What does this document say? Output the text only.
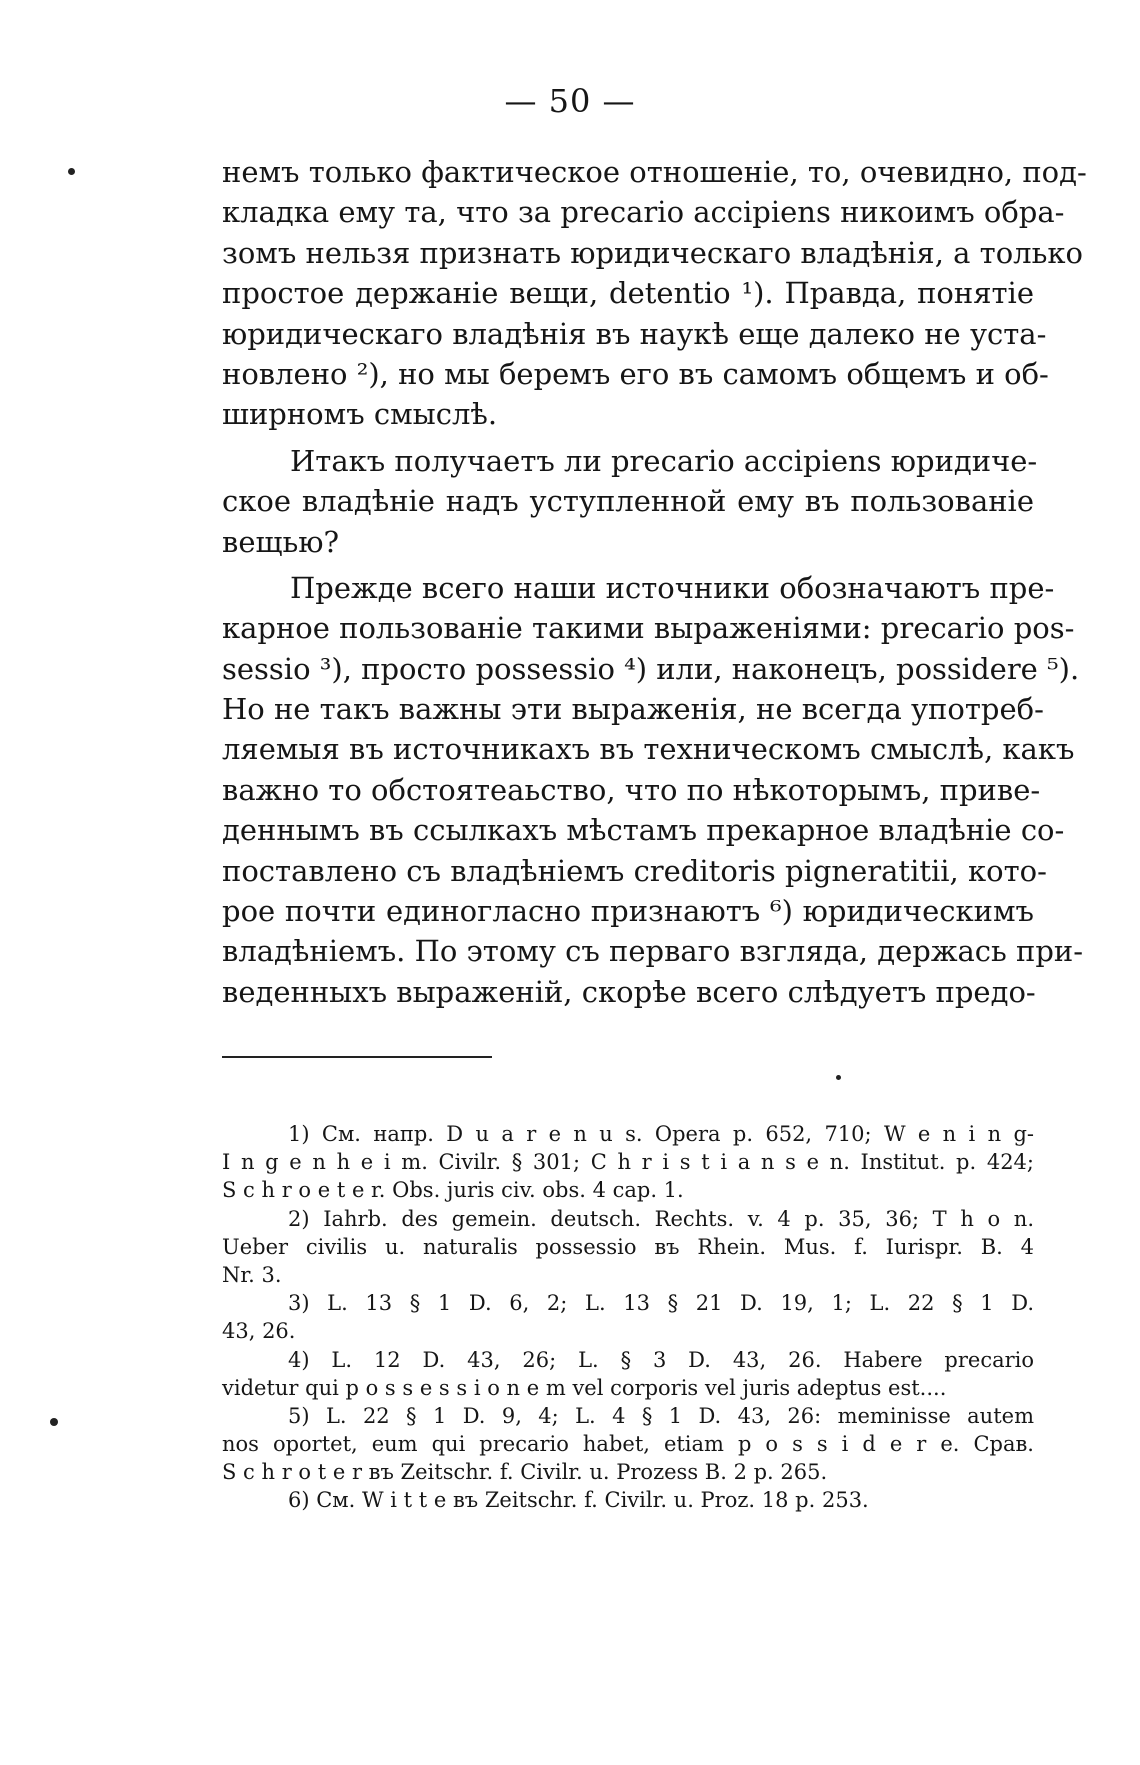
— 50 —
немъ только фактическое отношеніе, то, очевидно, под-
кладка ему та, что за precario accipiens никоимъ обра-
зомъ нельзя признать юридическаго владѣнія, а только
простое держаніе вещи, detentio ¹). Правда, понятіе
юридическаго владѣнія въ наукѣ еще далеко не уста-
новлено ²), но мы беремъ его въ самомъ общемъ и об-
ширномъ смыслѣ.
Итакъ получаетъ ли precario accipiens юридиче-
ское владѣніе надъ уступленной ему въ пользованіе
вещью?
Прежде всего наши источники обозначаютъ пре-
карное пользованіе такими выраженіями: precario pos-
sessio ³), просто possessio ⁴) или, наконецъ, possidere ⁵).
Но не такъ важны эти выраженія, не всегда употреб-
ляемыя въ источникахъ въ техническомъ смыслѣ, какъ
важно то обстоятеаьство, что по нѣкоторымъ, приве-
деннымъ въ ссылкахъ мѣстамъ прекарное владѣніе со-
поставлено съ владѣніемъ creditoris pigneratitii, кото-
рое почти единогласно признаютъ ⁶) юридическимъ
владѣніемъ. По этому съ перваго взгляда, держась при-
веденныхъ выраженій, скорѣе всего слѣдуетъ предо-
1) См. напр. D u a r e n u s. Opera p. 652, 710; W e n i n g-
I n g e n h e i m. Civilr. § 301; C h r i s t i a n s e n. Institut. p. 424;
S c h r o e t e r. Obs. juris civ. obs. 4 cap. 1.
2) Iahrb. des gemein. deutsch. Rechts. v. 4 p. 35, 36; T h o n.
Ueber civilis u. naturalis possessio въ Rhein. Mus. f. Iurispr. B. 4
Nr. 3.
3) L. 13 § 1 D. 6, 2; L. 13 § 21 D. 19, 1; L. 22 § 1 D.
43, 26.
4) L. 12 D. 43, 26; L. § 3 D. 43, 26. Habere precario
videtur qui p o s s e s s i o n e m vel corporis vel juris adeptus est....
5) L. 22 § 1 D. 9, 4; L. 4 § 1 D. 43, 26: meminisse autem
nos oportet, eum qui precario habet, etiam p o s s i d e r e. Срав.
S c h r o t e r въ Zeitschr. f. Civilr. u. Prozess B. 2 p. 265.
6) См. W i t t e въ Zeitschr. f. Civilr. u. Proz. 18 p. 253.
